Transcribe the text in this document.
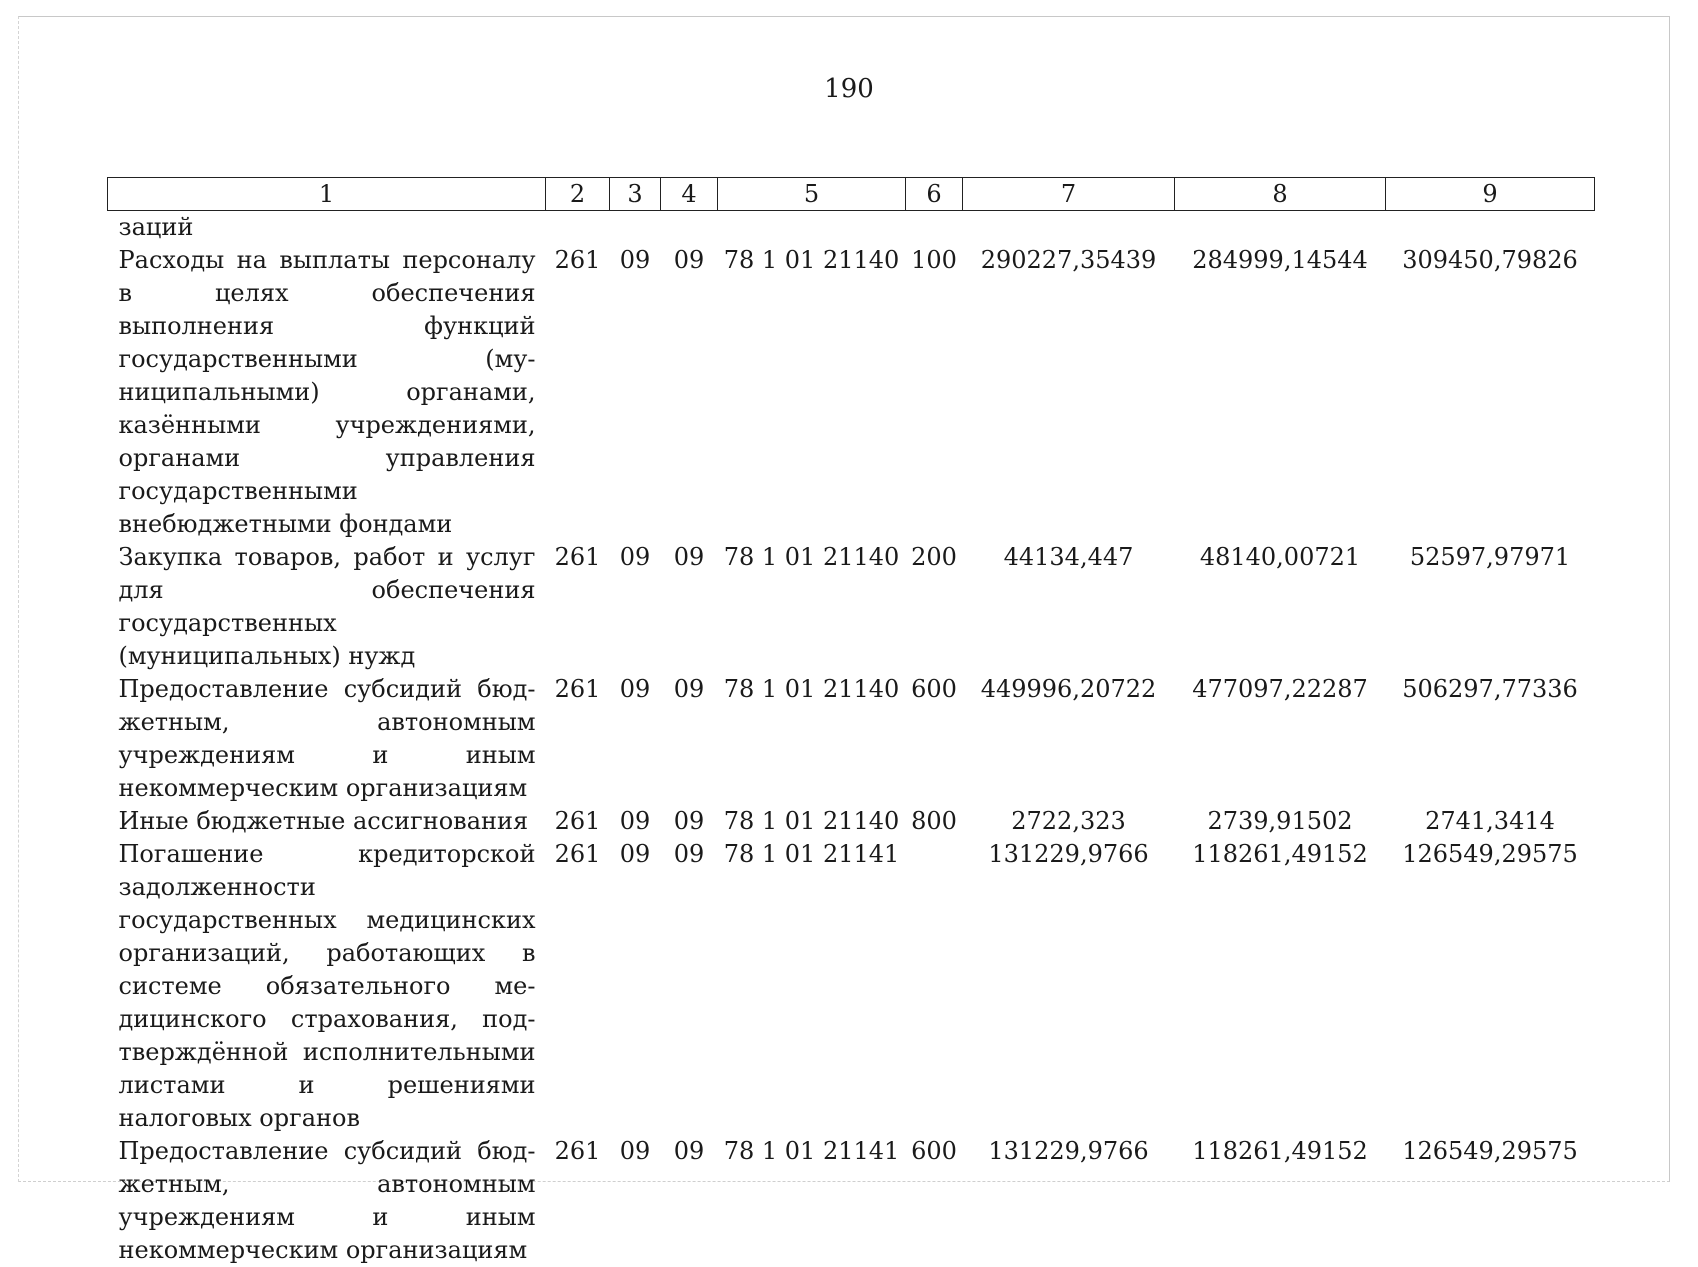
190
1	2	3	4	5	6	7	8	9
заций								
Расходы на выплаты персоналу в целях обеспечения выполнения функций государственными (муниципальными) органами, казёнными учреждениями, органами управления государственными внебюджетными фондами	261	09	09	78 1 01 21140	100	290227,35439	284999,14544	309450,79826
Закупка товаров, работ и услуг для обеспечения государственных (муниципальных) нужд	261	09	09	78 1 01 21140	200	44134,447	48140,00721	52597,97971
Предоставление субсидий бюджетным, автономным учреждениям и иным некоммерческим организациям	261	09	09	78 1 01 21140	600	449996,20722	477097,22287	506297,77336
Иные бюджетные ассигнования	261	09	09	78 1 01 21140	800	2722,323	2739,91502	2741,3414
Погашение кредиторской задолженности государственных медицинских организаций, работающих в системе обязательного медицинского страхования, подтверждённой исполнительными листами и решениями налоговых органов	261	09	09	78 1 01 21141		131229,9766	118261,49152	126549,29575
Предоставление субсидий бюджетным, автономным учреждениям и иным некоммерческим организациям	261	09	09	78 1 01 21141	600	131229,9766	118261,49152	126549,29575
